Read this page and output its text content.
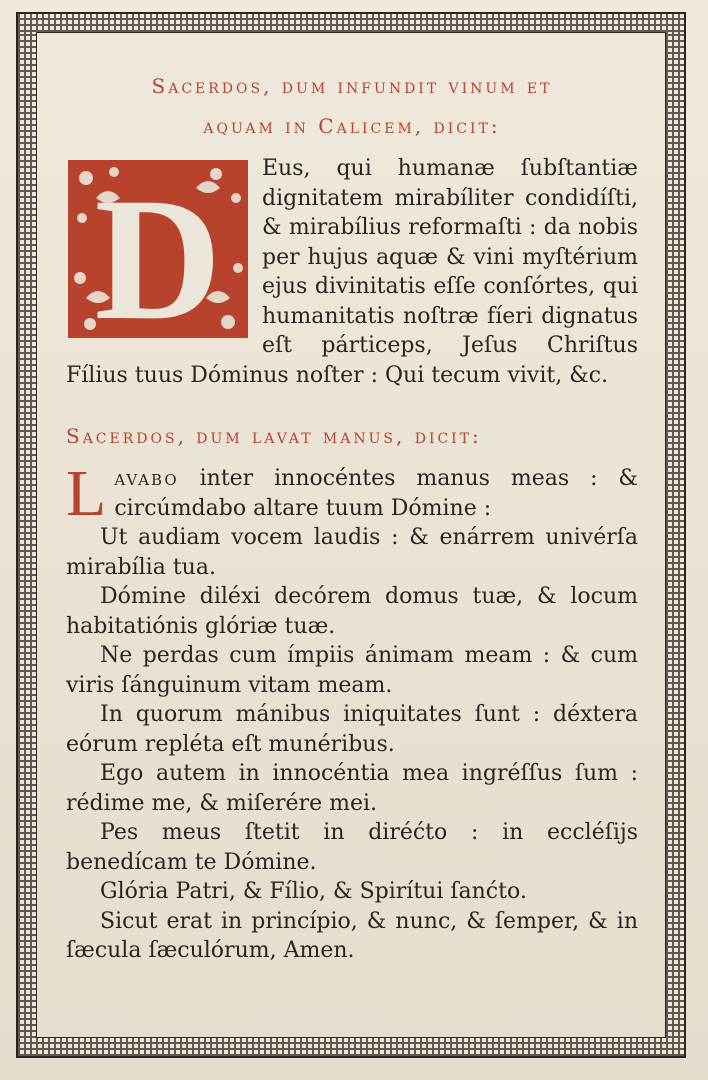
Sacerdos, dum infundit vinum et
aquam in Calicem, dicit:

D	Eus, qui humanæ ſubſtantiæ dignitatem mirabíliter condidíſti, & mirabílius reformaſti : da nobis per hujus aquæ & vini myſtérium ejus divinitatis eſſe conſórtes, qui humanitatis noſtræ fíeri dignatus eſt párticeps, Jeſus Chriſtus Fílius tuus Dóminus noſter : Qui tecum vivit, &c.

Sacerdos, dum lavat manus, dicit:

L avabo inter innocéntes manus meas : & circúmdabo altare tuum Dómine :

Ut audiam vocem laudis : & enárrem univérſa mirabília tua.

Dómine diléxi decórem domus tuæ, & locum habitatiónis glóriæ tuæ.

Ne perdas cum ímpiis ánimam meam : & cum viris ſánguinum vitam meam.

In quorum mánibus iniquitates ſunt : déxtera eórum repléta eſt munéribus.

Ego autem in innocéntia mea ingréſſus ſum : rédime me, & miſerére mei.

Pes meus ſtetit in diréćto : in eccléſijs benedícam te Dómine.

Glória Patri, & Fílio, & Spirítui ſanćto.

Sicut erat in princípio, & nunc, & ſemper, & in ſæcula ſæculórum, Amen.
